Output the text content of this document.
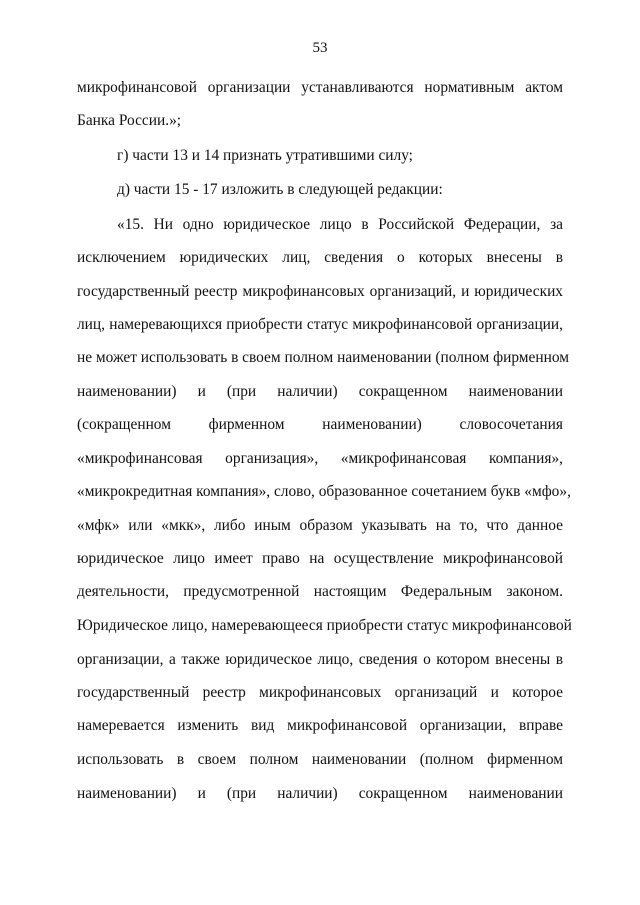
53
микрофинансовой организации устанавливаются нормативным актом
Банка России.»;
г) части 13 и 14 признать утратившими силу;
д) части 15 - 17 изложить в следующей редакции:
«15. Ни одно юридическое лицо в Российской Федерации, за
исключением юридических лиц, сведения о которых внесены в
государственный реестр микрофинансовых организаций, и юридических
лиц, намеревающихся приобрести статус микрофинансовой организации,
не может использовать в своем полном наименовании (полном фирменном
наименовании) и (при наличии) сокращенном наименовании
(сокращенном фирменном наименовании) словосочетания
«микрофинансовая организация», «микрофинансовая компания»,
«микрокредитная компания», слово, образованное сочетанием букв «мфо»,
«мфк» или «мкк», либо иным образом указывать на то, что данное
юридическое лицо имеет право на осуществление микрофинансовой
деятельности, предусмотренной настоящим Федеральным законом.
Юридическое лицо, намеревающееся приобрести статус микрофинансовой
организации, а также юридическое лицо, сведения о котором внесены в
государственный реестр микрофинансовых организаций и которое
намеревается изменить вид микрофинансовой организации, вправе
использовать в своем полном наименовании (полном фирменном
наименовании) и (при наличии) сокращенном наименовании
